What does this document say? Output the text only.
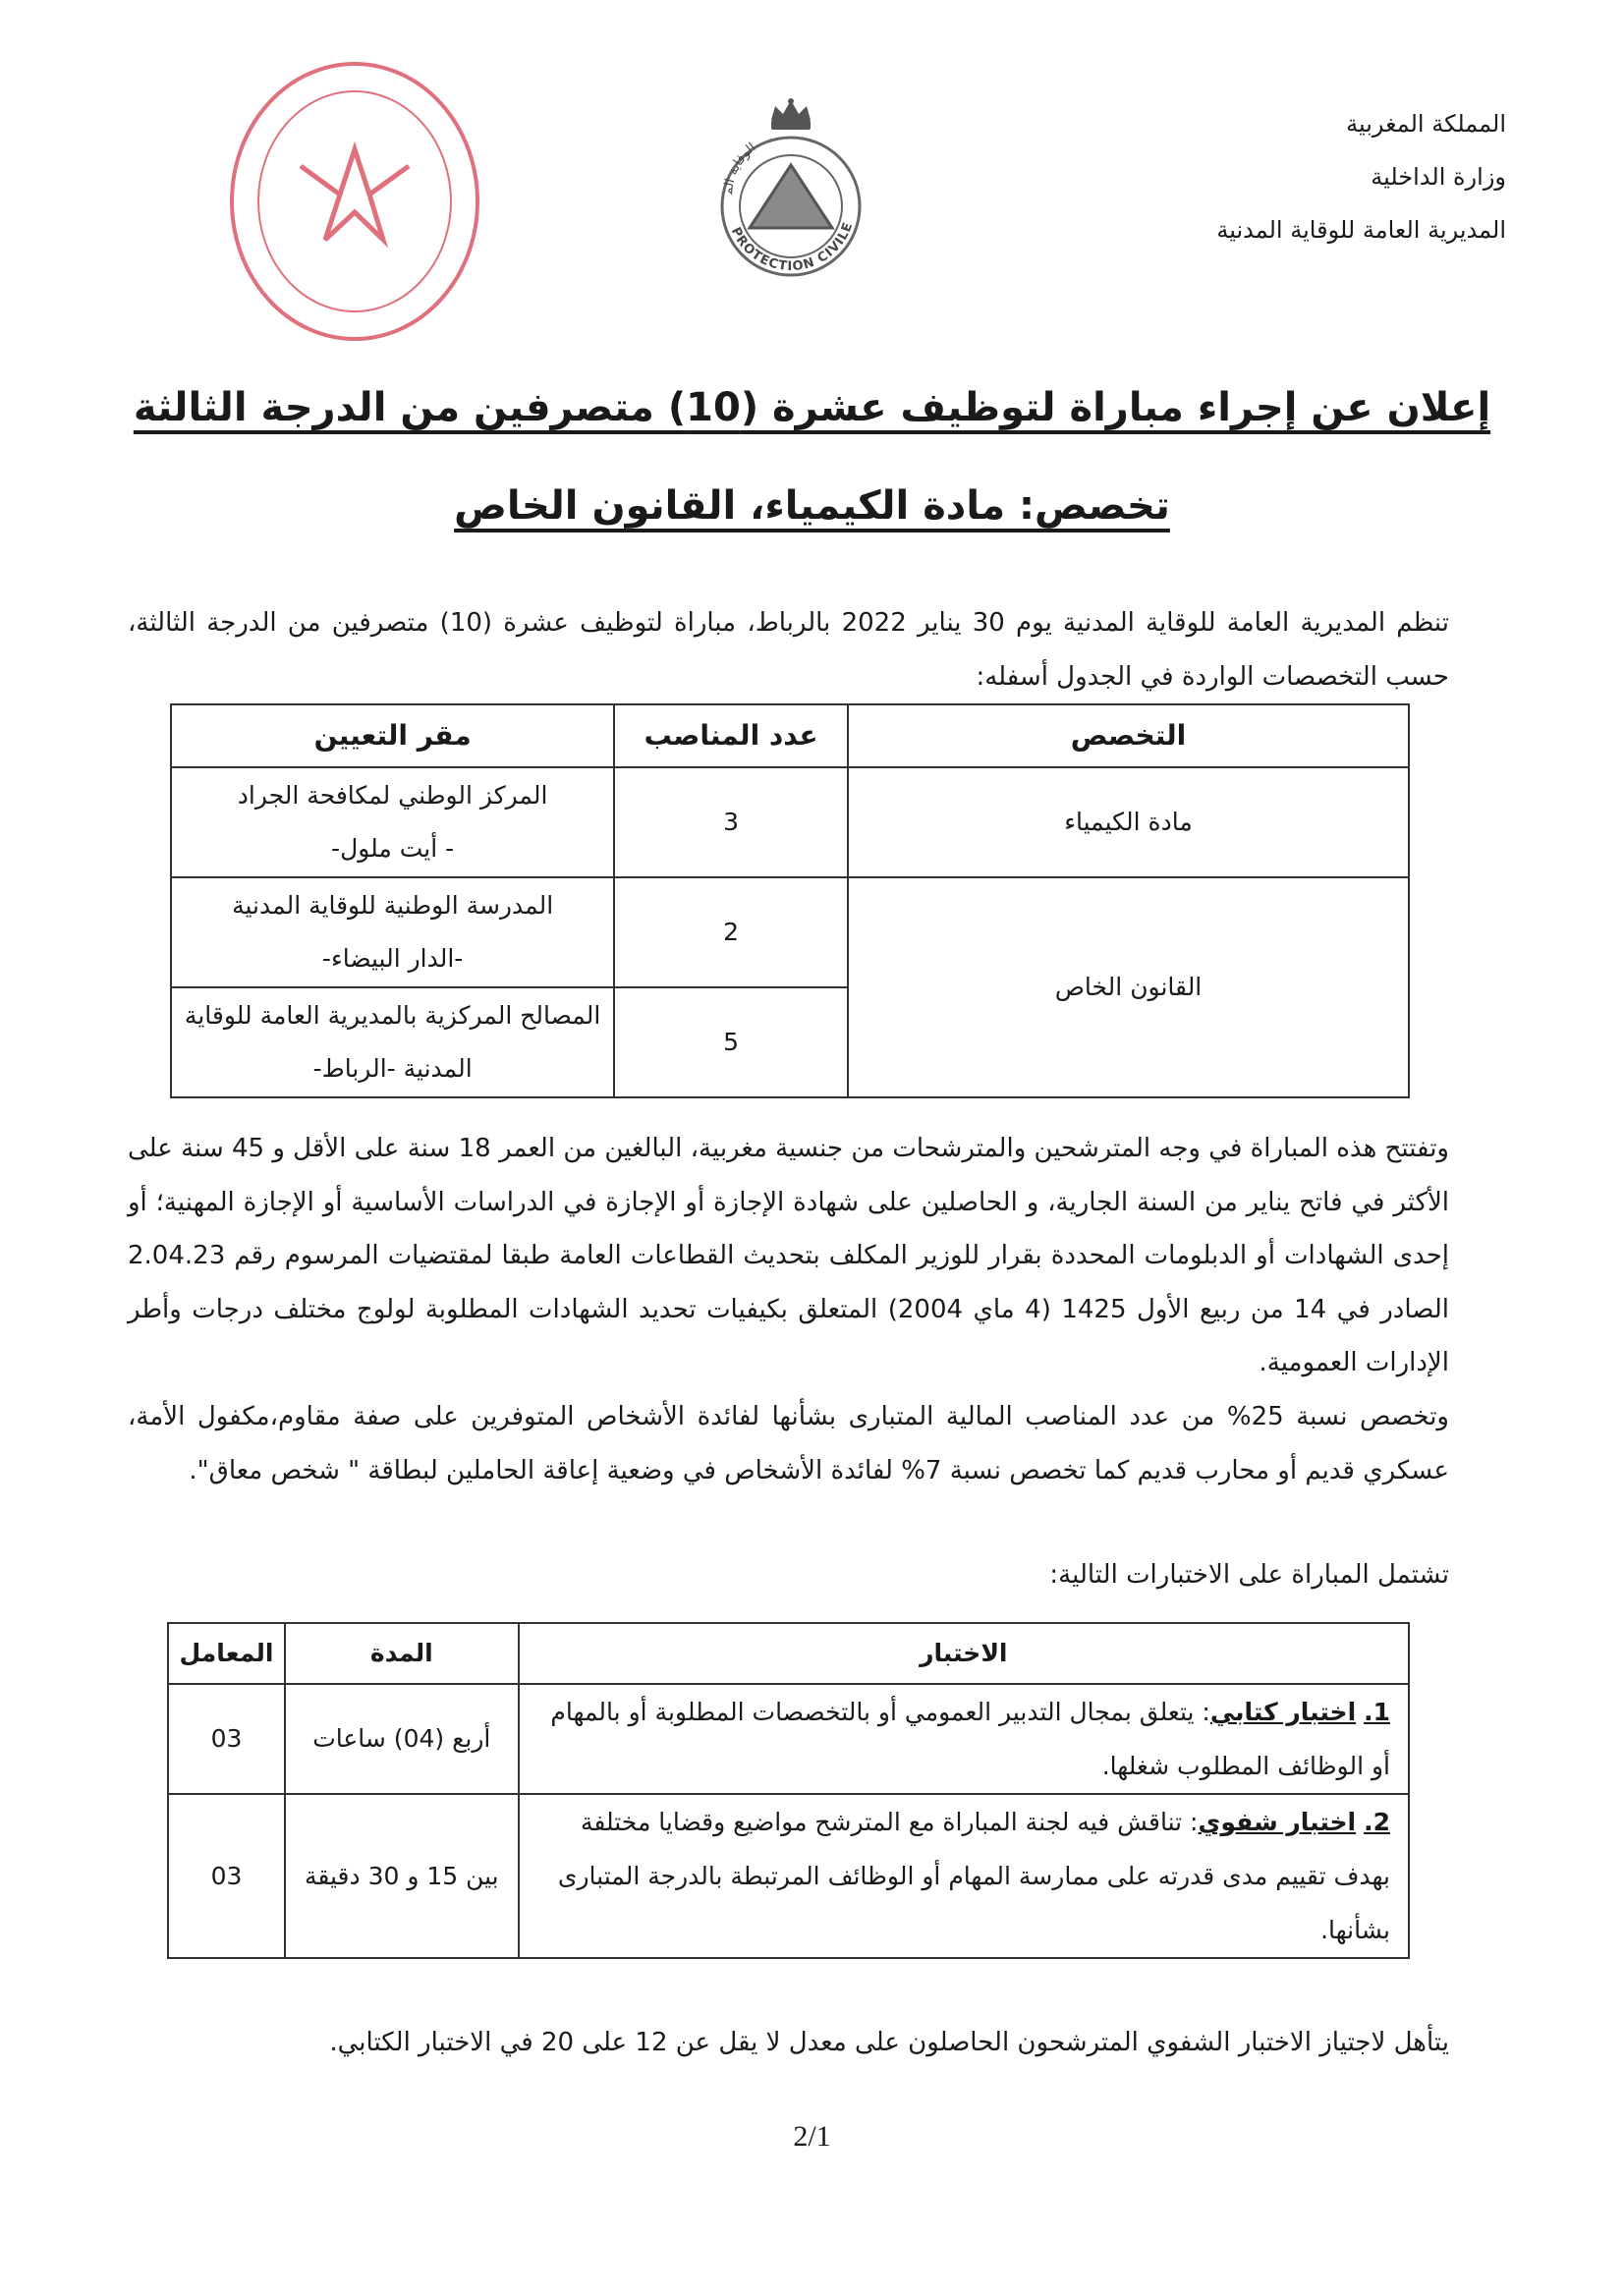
المملكة المغربية
وزارة الداخلية
المديرية العامة للوقاية المدنية
PROTECTION CIVILE
الوقاية الم
إعلان عن إجراء مباراة لتوظيف عشرة (10) متصرفين من الدرجة الثالثة
تخصص: مادة الكيمياء، القانون الخاص
تنظم المديرية العامة للوقاية المدنية يوم 30 يناير 2022 بالرباط، مباراة لتوظيف عشرة (10) متصرفين من الدرجة الثالثة، حسب التخصصات الواردة في الجدول أسفله:
التخصص	عدد المناصب	مقر التعيين
مادة الكيمياء	3	المركز الوطني لمكافحة الجراد
- أيت ملول-

القانون الخاص	2	المدرسة الوطنية للوقاية المدنية
-الدار البيضاء-

	5	المصالح المركزية بالمديرية العامة للوقاية
المدنية -الرباط-
وتفتتح هذه المباراة في وجه المترشحين والمترشحات من جنسية مغربية، البالغين من العمر 18 سنة على الأقل و 45 سنة على الأكثر في فاتح يناير من السنة الجارية، و الحاصلين على شهادة الإجازة أو الإجازة في الدراسات الأساسية أو الإجازة المهنية؛ أو إحدى الشهادات أو الدبلومات المحددة بقرار للوزير المكلف بتحديث القطاعات العامة طبقا لمقتضيات المرسوم رقم 2.04.23 الصادر في 14 من ربيع الأول 1425 (4 ماي 2004) المتعلق بكيفيات تحديد الشهادات المطلوبة لولوج مختلف درجات وأطر الإدارات العمومية.
وتخصص نسبة 25% من عدد المناصب المالية المتبارى بشأنها لفائدة الأشخاص المتوفرين على صفة مقاوم،مكفول الأمة، عسكري قديم أو محارب قديم كما تخصص نسبة 7% لفائدة الأشخاص في وضعية إعاقة الحاملين لبطاقة " شخص معاق".
تشتمل المباراة على الاختبارات التالية:
الاختبار	المدة	المعامل
1. اختبار كتابي: يتعلق بمجال التدبير العمومي أو بالتخصصات المطلوبة أو بالمهام أو الوظائف المطلوب شغلها.	أربع (04) ساعات	03
2. اختبار شفوي: تناقش فيه لجنة المباراة مع المترشح مواضيع وقضايا مختلفة بهدف تقييم مدى قدرته على ممارسة المهام أو الوظائف المرتبطة بالدرجة المتبارى بشأنها.	بين 15 و 30 دقيقة	03
يتأهل لاجتياز الاختبار الشفوي المترشحون الحاصلون على معدل لا يقل عن 12 على 20 في الاختبار الكتابي.
2/1
